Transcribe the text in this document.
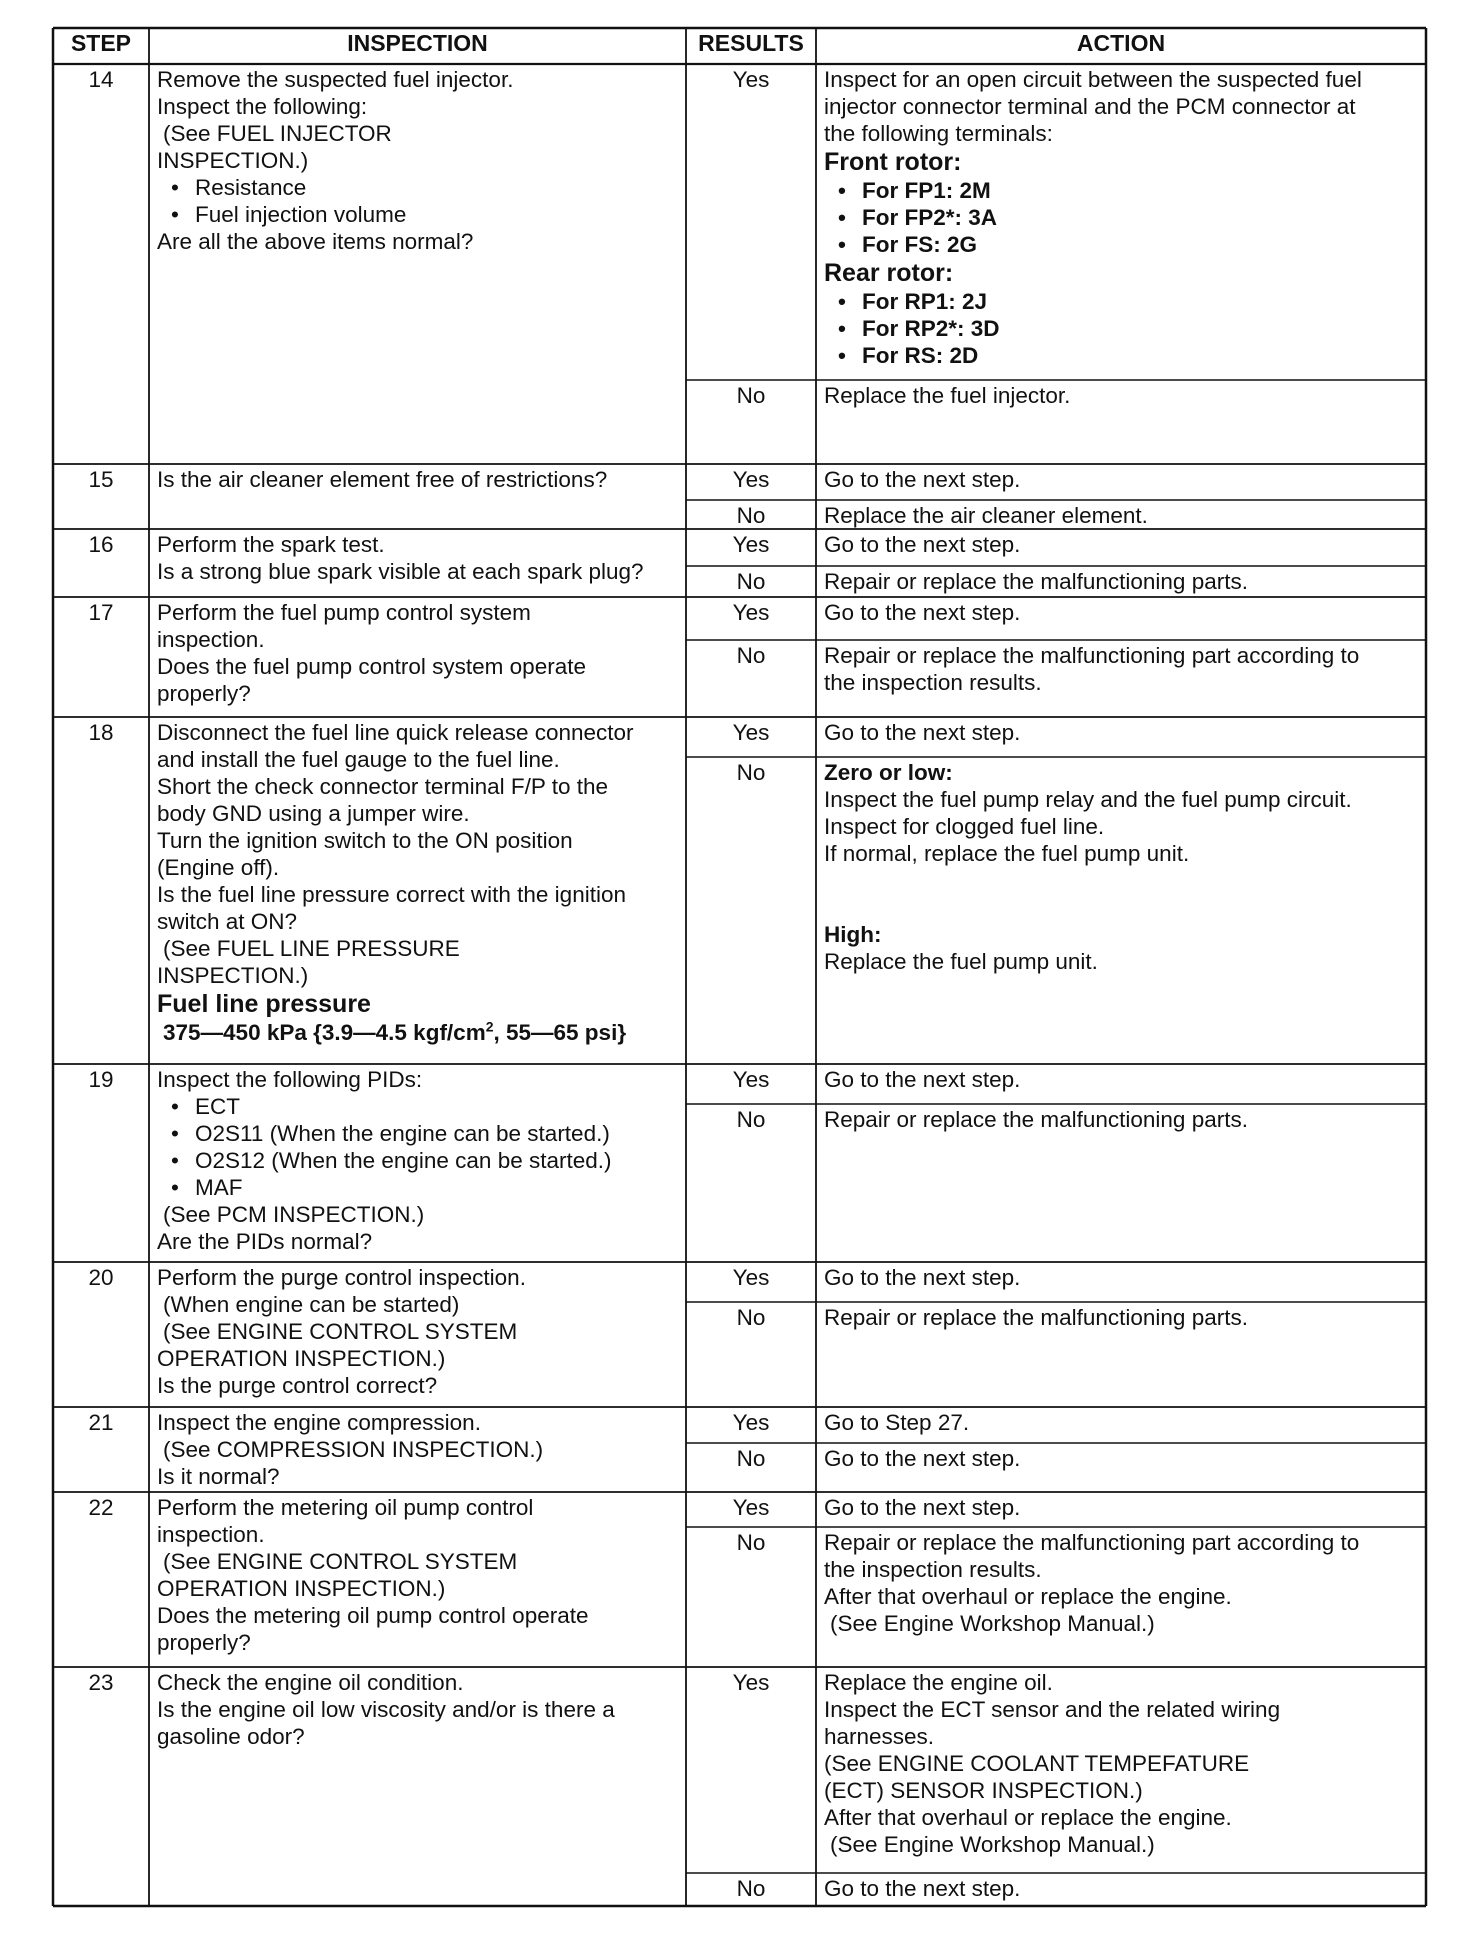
STEP	INSPECTION	RESULTS	ACTION
14	Remove the suspected fuel injector.
Inspect the following:
(See FUEL INJECTOR
INSPECTION.)
• Resistance
• Fuel injection volume
Are all the above items normal?
Yes	Inspect for an open circuit between the suspected fuel
injector connector terminal and the PCM connector at
the following terminals:
Front rotor:
• For FP1: 2M
• For FP2*: 3A
• For FS: 2G
Rear rotor:
• For RP1: 2J
• For RP2*: 3D
• For RS: 2D
No	Replace the fuel injector.
15	Is the air cleaner element free of restrictions?	Yes	Go to the next step.
No	Replace the air cleaner element.
16	Perform the spark test.
Is a strong blue spark visible at each spark plug?
Yes	Go to the next step.
No	Repair or replace the malfunctioning parts.
17	Perform the fuel pump control system
inspection.
Does the fuel pump control system operate
properly?
Yes	Go to the next step.
No	Repair or replace the malfunctioning part according to
the inspection results.
18	Disconnect the fuel line quick release connector
and install the fuel gauge to the fuel line.
Short the check connector terminal F/P to the
body GND using a jumper wire.
Turn the ignition switch to the ON position
(Engine off).
Is the fuel line pressure correct with the ignition
switch at ON?
(See FUEL LINE PRESSURE
INSPECTION.)
Fuel line pressure
375—450 kPa {3.9—4.5 kgf/$cm^2$, 55—65 psi}
Yes	Go to the next step.
No	Zero or low:
Inspect the fuel pump relay and the fuel pump circuit.
Inspect for clogged fuel line.
If normal, replace the fuel pump unit.
High:
Replace the fuel pump unit.
19	Inspect the following PIDs:
• ECT
• O2S11 (When the engine can be started.)
• O2S12 (When the engine can be started.)
• MAF
(See PCM INSPECTION.)
Are the PIDs normal?
Yes	Go to the next step.
No	Repair or replace the malfunctioning parts.
20	Perform the purge control inspection.
(When engine can be started)
(See ENGINE CONTROL SYSTEM
OPERATION INSPECTION.)
Is the purge control correct?
Yes	Go to the next step.
No	Repair or replace the malfunctioning parts.
21	Inspect the engine compression.
(See COMPRESSION INSPECTION.)
Is it normal?
Yes	Go to Step 27.
No	Go to the next step.
22	Perform the metering oil pump control
inspection.
(See ENGINE CONTROL SYSTEM
OPERATION INSPECTION.)
Does the metering oil pump control operate
properly?
Yes	Go to the next step.
No	Repair or replace the malfunctioning part according to
the inspection results.
After that overhaul or replace the engine.
(See Engine Workshop Manual.)
23	Check the engine oil condition.
Is the engine oil low viscosity and/or is there a
gasoline odor?
Yes	Replace the engine oil.
Inspect the ECT sensor and the related wiring
harnesses.
(See ENGINE COOLANT TEMPEFATURE
(ECT) SENSOR INSPECTION.)
After that overhaul or replace the engine.
(See Engine Workshop Manual.)
No	Go to the next step.
